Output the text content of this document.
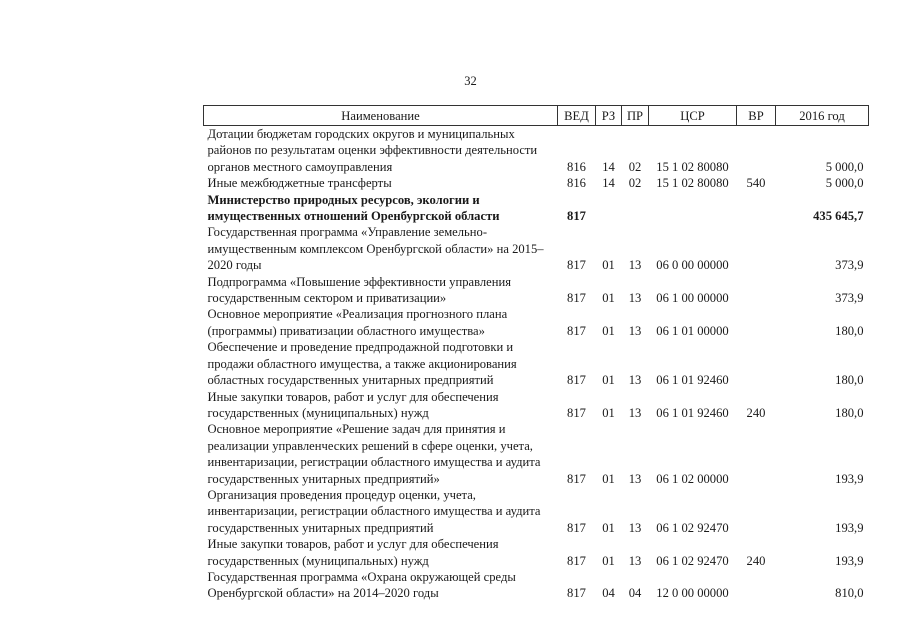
32
Наименование	ВЕД	РЗ	ПР	ЦСР	ВР	2016 год
Дотации бюджетам городских округов и муниципальных районов по результатам оценки эффективности деятельности органов местного самоуправления	816	14	02	15 1 02 80080		5 000,0
Иные межбюджетные трансферты	816	14	02	15 1 02 80080	540	5 000,0
Министерство природных ресурсов, экологии и имущественных отношений Оренбургской области	817					435 645,7
Государственная программа «Управление земельно-имущественным комплексом Оренбургской области» на 2015–2020 годы	817	01	13	06 0 00 00000		373,9
Подпрограмма «Повышение эффективности управления государственным сектором и приватизации»	817	01	13	06 1 00 00000		373,9
Основное мероприятие «Реализация прогнозного плана (программы) приватизации областного имущества»	817	01	13	06 1 01 00000		180,0
Обеспечение и проведение предпродажной подготовки и продажи областного имущества, а также акционирования областных государственных унитарных предприятий	817	01	13	06 1 01 92460		180,0
Иные закупки товаров, работ и услуг для обеспечения государственных (муниципальных) нужд	817	01	13	06 1 01 92460	240	180,0
Основное мероприятие «Решение задач для принятия и реализации управленческих решений в сфере оценки, учета, инвентаризации, регистрации областного имущества и аудита государственных унитарных предприятий»	817	01	13	06 1 02 00000		193,9
Организация проведения процедур оценки, учета, инвентаризации, регистрации областного имущества и аудита государственных унитарных предприятий	817	01	13	06 1 02 92470		193,9
Иные закупки товаров, работ и услуг для обеспечения государственных (муниципальных) нужд	817	01	13	06 1 02 92470	240	193,9
Государственная программа «Охрана окружающей среды Оренбургской области» на 2014–2020 годы	817	04	04	12 0 00 00000		810,0
